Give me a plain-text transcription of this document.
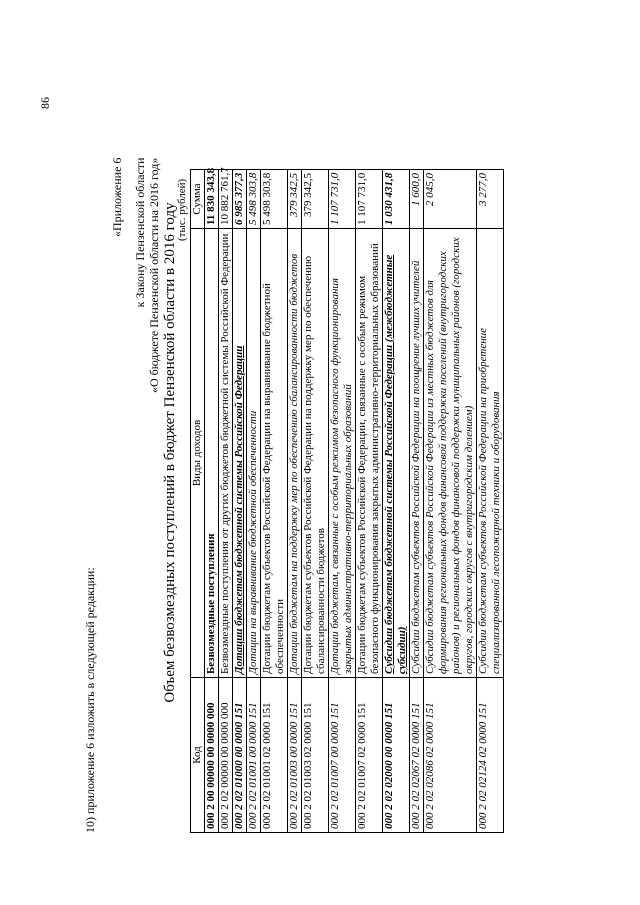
86
10) приложение 6 изложить в следующей редакции:
«Приложение 6 к Закону Пензенской области «О бюджете Пензенской области на 2016 год» Объем безвозмездных поступлений в бюджет Пензенской области в 2016 году
(тыс. рублей)
Код	Виды доходов	Сумма
000 2 00 00000 00 0000 000	Безвозмездные поступления	11 830 343,8
000 2 02 00000 00 0000 000	Безвозмездные поступления от других бюджетов бюджетной системы Российской Федерации	10 882 761,7
000 2 02 01000 00 0000 151	Дотации бюджетам бюджетной системы Российской Федерации	6 985 377,3
000 2 02 01001 00 0000 151	Дотации на выравнивание бюджетной обеспеченности	5 498 303,8
000 2 02 01001 02 0000 151	Дотации бюджетам субъектов Российской Федерации на выравнивание бюджетной обеспеченности	5 498 303,8
000 2 02 01003 00 0000 151	Дотации бюджетам на поддержку мер по обеспечению сбалансированности бюджетов	379 342,5
000 2 02 01003 02 0000 151	Дотации бюджетам субъектов Российской Федерации на поддержку мер по обеспечению сбалансированности бюджетов	379 342,5
000 2 02 01007 00 0000 151	Дотации бюджетам, связанные с особым режимом безопасного функционирования закрытых административно-территориальных образований	1 107 731,0
000 2 02 01007 02 0000 151	Дотации бюджетам субъектов Российской Федерации, связанные с особым режимом безопасного функционирования закрытых административно-территориальных образований	1 107 731,0
000 2 02 02000 00 0000 151	Субсидии бюджетам бюджетной системы Российской Федерации (межбюджетные субсидии)	1 030 431,8
000 2 02 02067 02 0000 151	Субсидии бюджетам субъектов Российской Федерации на поощрение лучших учителей	1 600,0
000 2 02 02086 02 0000 151	Субсидии бюджетам субъектов Российской Федерации из местных бюджетов для формирования региональных фондов финансовой поддержки поселений (внутригородских районов) и региональных фондов финансовой поддержки муниципальных районов (городских округов, городских округов с внутригородским делением)	2 045,0
000 2 02 02124 02 0000 151	Субсидии бюджетам субъектов Российской Федерации на приобретение специализированной лесопожарной техники и оборудования	3 277,0
